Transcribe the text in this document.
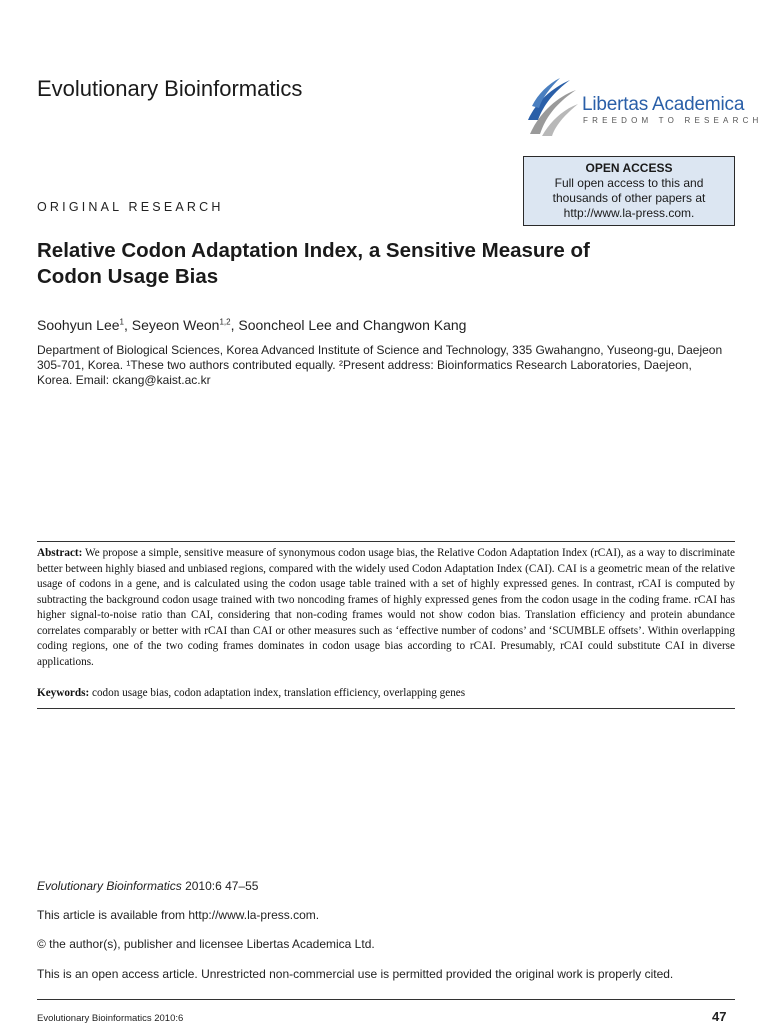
Evolutionary Bioinformatics
Libertas Academica
FREEDOM TO RESEARCH
OPEN ACCESS
Full open access to this and
thousands of other papers at
http://www.la-press.com.
ORIGINAL RESEARCH
Relative Codon Adaptation Index, a Sensitive Measure of
Codon Usage Bias
Soohyun Lee$^1$, Seyeon Weon$^{1,2}$, Sooncheol Lee and Changwon Kang
Department of Biological Sciences, Korea Advanced Institute of Science and Technology, 335 Gwahangno, Yuseong-gu, Daejeon 305-701, Korea. ¹These two authors contributed equally. ²Present address: Bioinformatics Research Laboratories, Daejeon, Korea. Email: ckang@kaist.ac.kr
Abstract: We propose a simple, sensitive measure of synonymous codon usage bias, the Relative Codon Adaptation Index (rCAI), as a way to discriminate better between highly biased and unbiased regions, compared with the widely used Codon Adaptation Index (CAI). CAI is a geometric mean of the relative usage of codons in a gene, and is calculated using the codon usage table trained with a set of highly expressed genes. In contrast, rCAI is computed by subtracting the background codon usage trained with two noncoding frames of highly expressed genes from the codon usage in the coding frame. rCAI has higher signal-to-noise ratio than CAI, considering that non-coding frames would not show codon bias. Translation efficiency and protein abundance correlates comparably or better with rCAI than CAI or other measures such as ‘effective number of codons’ and ‘SCUMBLE offsets’. Within overlapping coding regions, one of the two coding frames dominates in codon usage bias according to rCAI. Presumably, rCAI could substitute CAI in diverse applications.
Keywords: codon usage bias, codon adaptation index, translation efficiency, overlapping genes
Evolutionary Bioinformatics 2010:6 47–55
This article is available from http://www.la-press.com.
© the author(s), publisher and licensee Libertas Academica Ltd.
This is an open access article. Unrestricted non-commercial use is permitted provided the original work is properly cited.
Evolutionary Bioinformatics 2010:6	47
